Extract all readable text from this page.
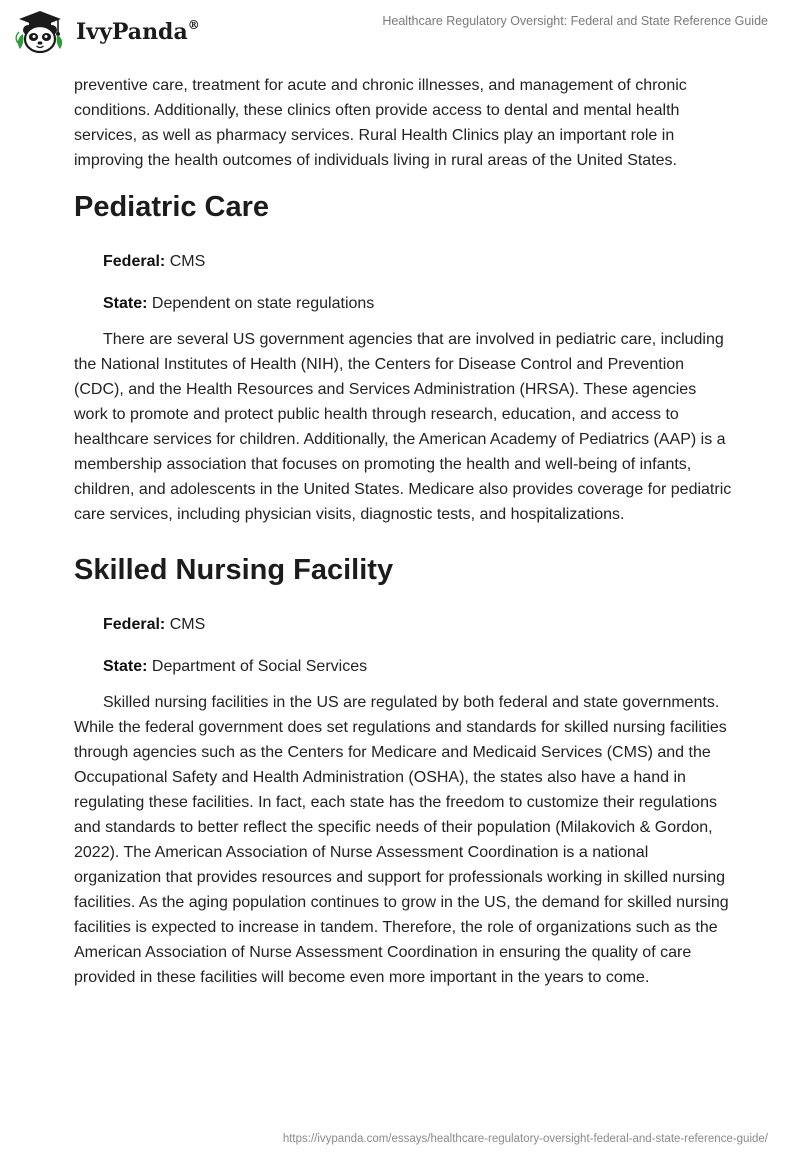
IvyPanda®	Healthcare Regulatory Oversight: Federal and State Reference Guide

preventive care, treatment for acute and chronic illnesses, and management of chronic conditions. Additionally, these clinics often provide access to dental and mental health services, as well as pharmacy services. Rural Health Clinics play an important role in improving the health outcomes of individuals living in rural areas of the United States.

Pediatric Care

Federal: CMS

State: Dependent on state regulations

There are several US government agencies that are involved in pediatric care, including the National Institutes of Health (NIH), the Centers for Disease Control and Prevention (CDC), and the Health Resources and Services Administration (HRSA). These agencies work to promote and protect public health through research, education, and access to healthcare services for children. Additionally, the American Academy of Pediatrics (AAP) is a membership association that focuses on promoting the health and well-being of infants, children, and adolescents in the United States. Medicare also provides coverage for pediatric care services, including physician visits, diagnostic tests, and hospitalizations.

Skilled Nursing Facility

Federal: CMS

State: Department of Social Services

Skilled nursing facilities in the US are regulated by both federal and state governments. While the federal government does set regulations and standards for skilled nursing facilities through agencies such as the Centers for Medicare and Medicaid Services (CMS) and the Occupational Safety and Health Administration (OSHA), the states also have a hand in regulating these facilities. In fact, each state has the freedom to customize their regulations and standards to better reflect the specific needs of their population (Milakovich & Gordon, 2022). The American Association of Nurse Assessment Coordination is a national organization that provides resources and support for professionals working in skilled nursing facilities. As the aging population continues to grow in the US, the demand for skilled nursing facilities is expected to increase in tandem. Therefore, the role of organizations such as the American Association of Nurse Assessment Coordination in ensuring the quality of care provided in these facilities will become even more important in the years to come.

https://ivypanda.com/essays/healthcare-regulatory-oversight-federal-and-state-reference-guide/
